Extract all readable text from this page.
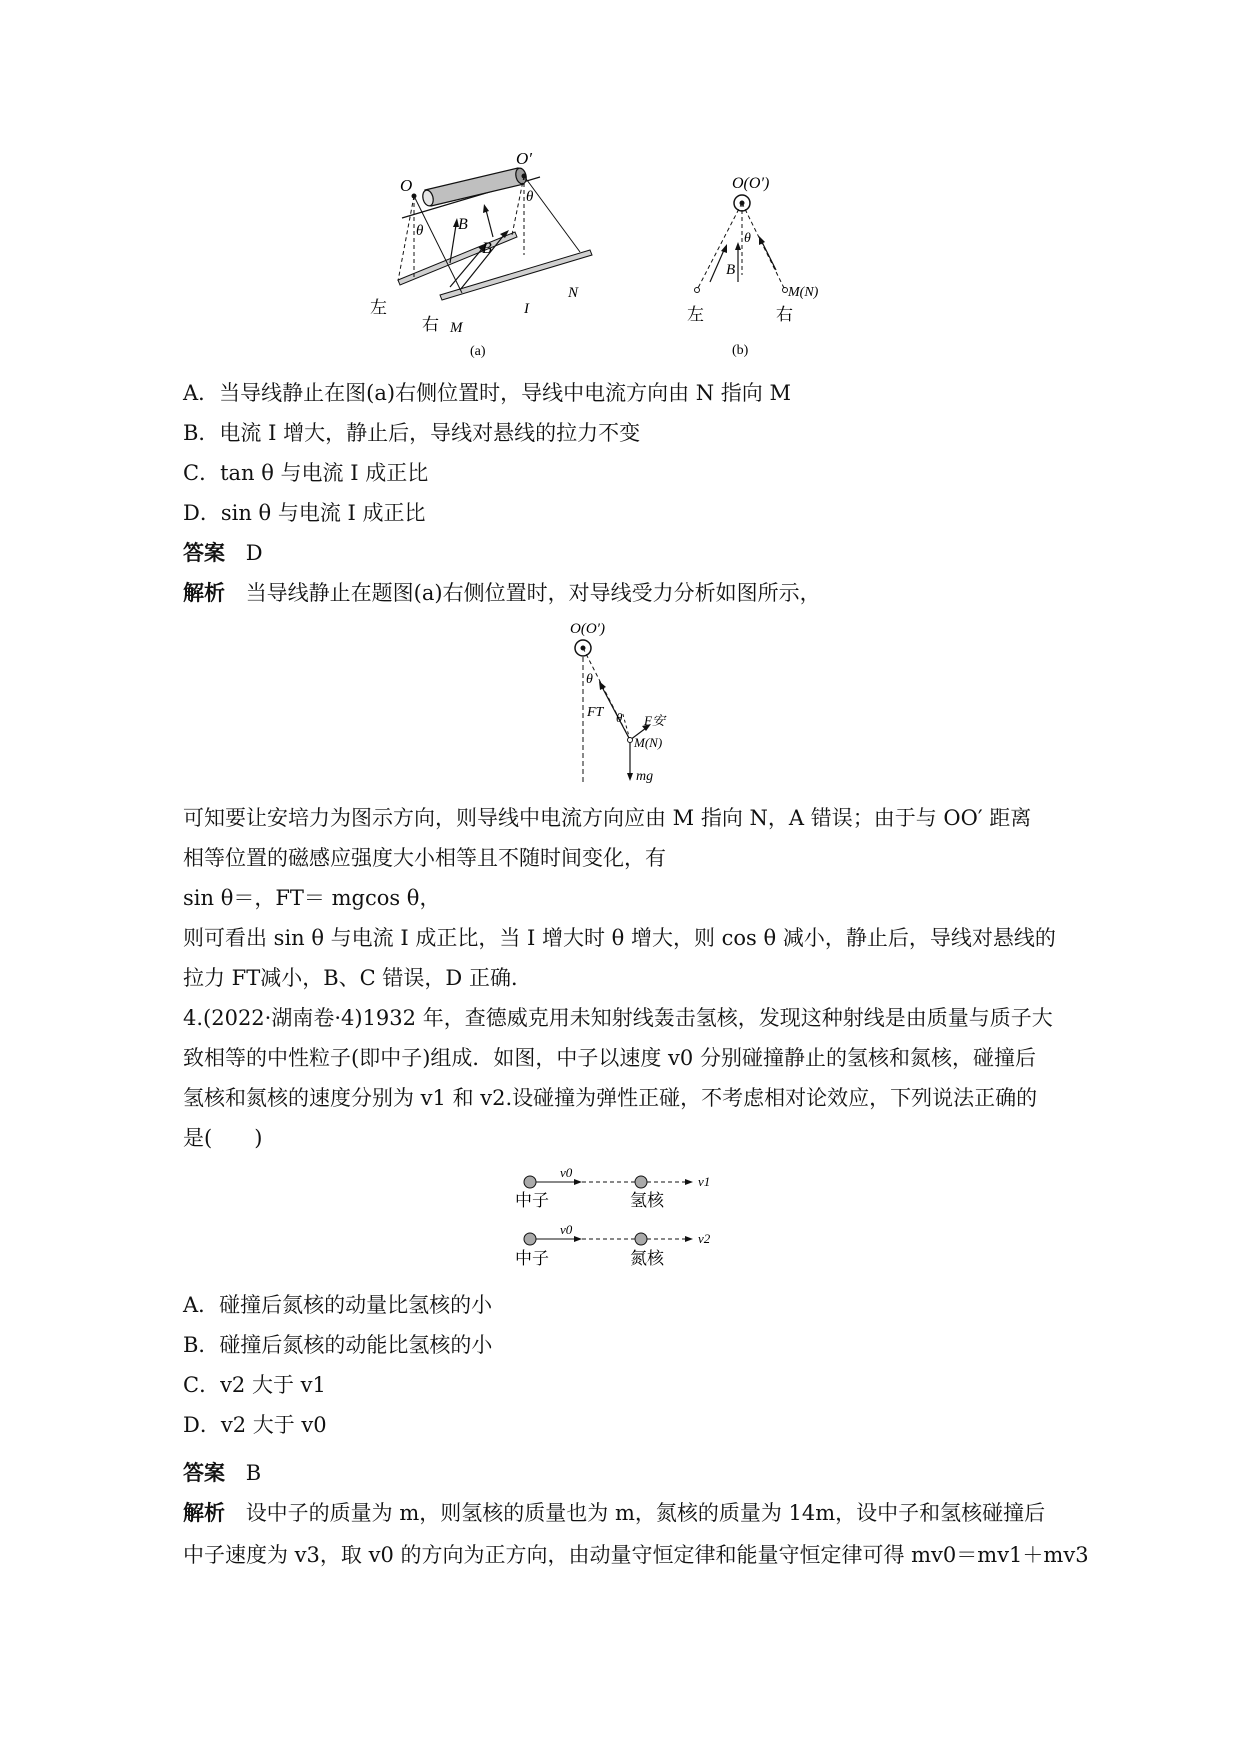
O
O′
θ
θ
B
B
左
右 M
I
N
(a)
O(O′)
θ
B
M(N)
左	右
(b)
A．当导线静止在图(a)右侧位置时，导线中电流方向由 N 指向 M
B．电流 I 增大，静止后，导线对悬线的拉力不变
C．tan θ 与电流 I 成正比
D．sin θ 与电流 I 成正比
答案 D
解析 当导线静止在题图(a)右侧位置时，对导线受力分析如图所示，
O(O′)
θ
FT θ F安
M(N)
mg
可知要让安培力为图示方向，则导线中电流方向应由 M 指向 N，A 错误；由于与 OO′ 距离
相等位置的磁感应强度大小相等且不随时间变化，有
sin θ＝，FT＝ mgcos θ，
则可看出 sin θ 与电流 I 成正比，当 I 增大时 θ 增大，则 cos θ 减小，静止后，导线对悬线的
拉力 FT减小，B、C 错误，D 正确．
4.(2022·湖南卷·4)1932 年，查德威克用未知射线轰击氢核，发现这种射线是由质量与质子大
致相等的中性粒子(即中子)组成．如图，中子以速度 v0 分别碰撞静止的氢核和氮核，碰撞后
氢核和氮核的速度分别为 v1 和 v2.设碰撞为弹性正碰，不考虑相对论效应，下列说法正确的
是(　　)
v0
v1
中子	氢核
v0
v2
中子	氮核
A．碰撞后氮核的动量比氢核的小
B．碰撞后氮核的动能比氢核的小
C．v2 大于 v1
D．v2 大于 v0
答案 B
解析 设中子的质量为 m，则氢核的质量也为 m，氮核的质量为 14m，设中子和氢核碰撞后
中子速度为 v3，取 v0 的方向为正方向，由动量守恒定律和能量守恒定律可得 mv0＝mv1＋mv3
